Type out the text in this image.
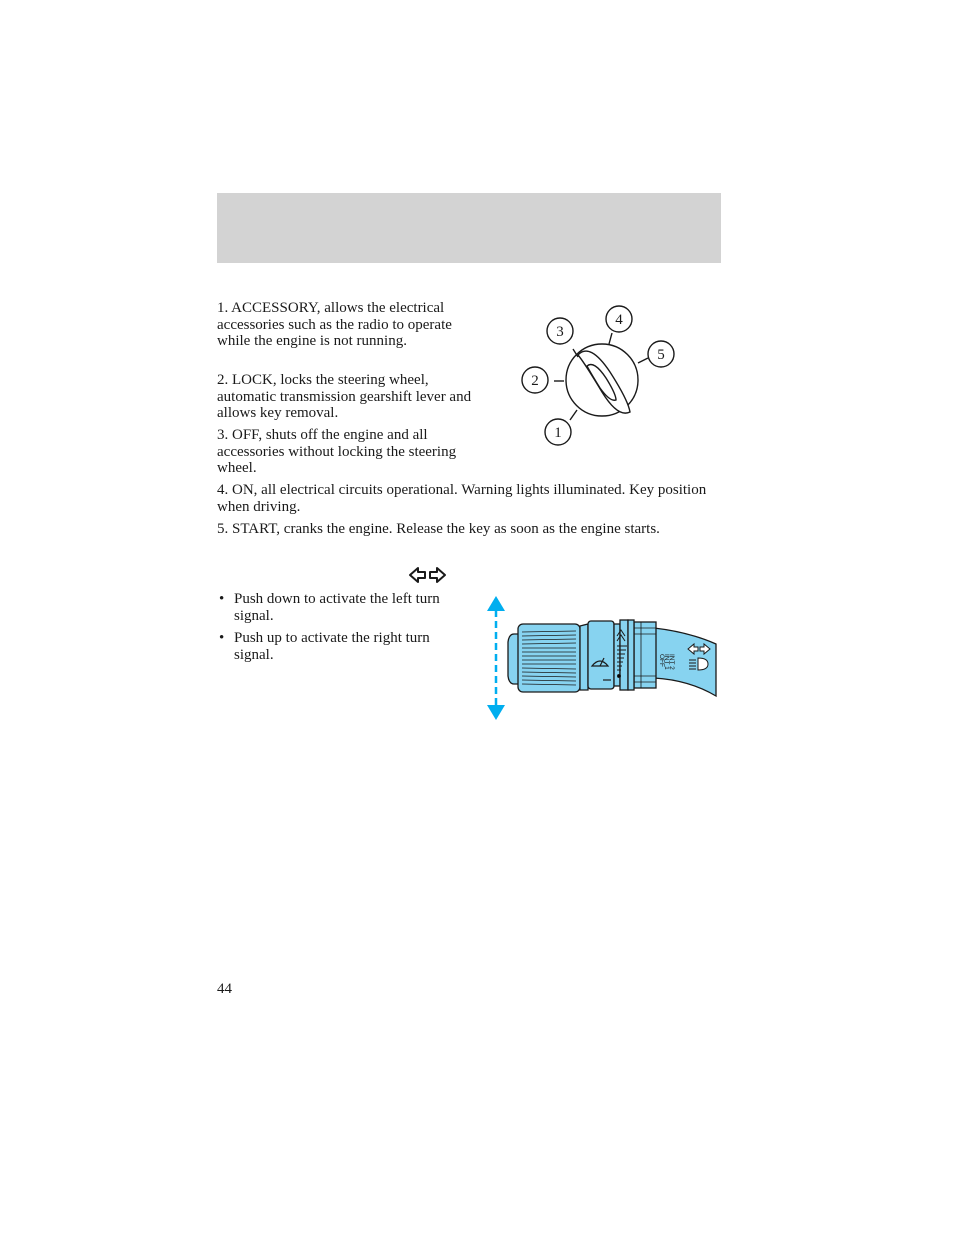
1. ACCESSORY, allows the electrical accessories such as the radio to operate while the engine is not running.

2. LOCK, locks the steering wheel, automatic transmission gearshift lever and allows key removal.

3. OFF, shuts off the engine and all accessories without locking the steering wheel.

4. ON, all electrical circuits operational. Warning lights illuminated. Key position when driving.

5. START, cranks the engine. Release the key as soon as the engine starts.

3
4
5
2
1
• Push down to activate the left turn signal.
• Push up to activate the right turn signal.	INT 2
INT 1
OFF
44
